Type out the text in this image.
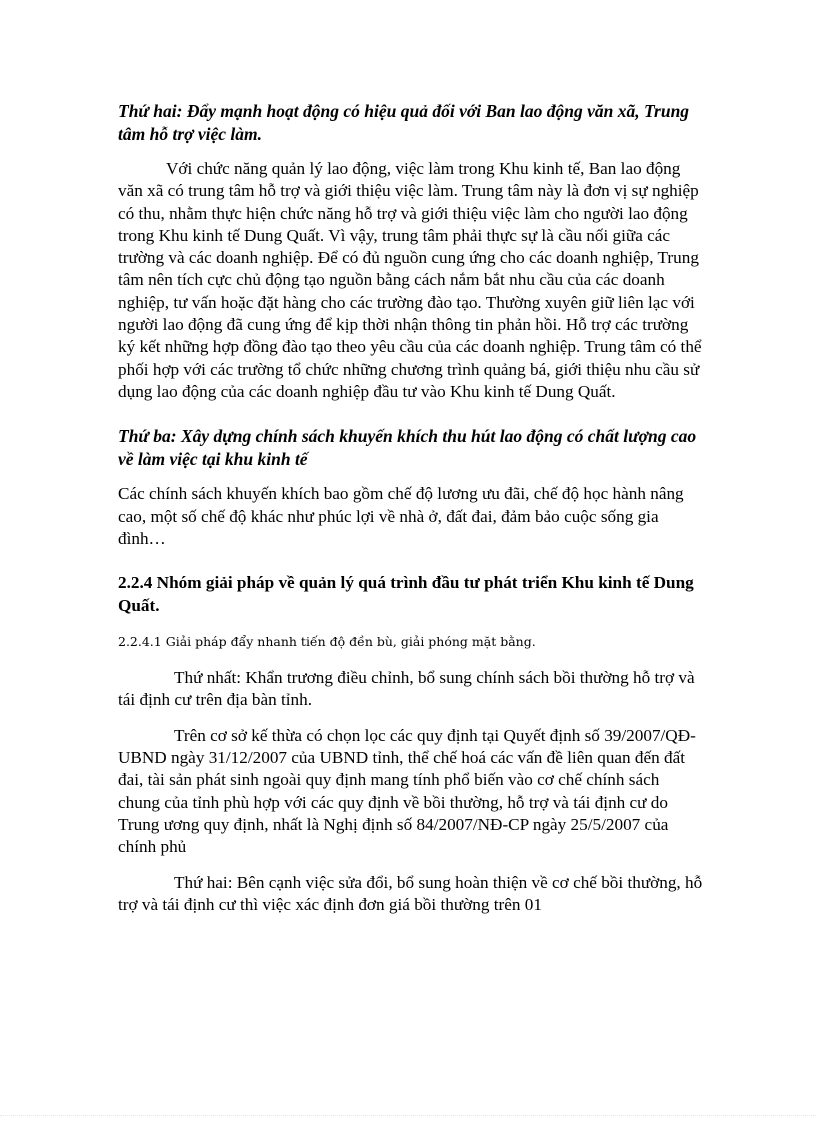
Thứ hai: Đẩy mạnh hoạt động có hiệu quả đối với Ban lao động văn xã, Trung tâm hỗ trợ việc làm.

Với chức năng quản lý lao động, việc làm trong Khu kinh tế, Ban lao động văn xã có trung tâm hỗ trợ và giới thiệu việc làm. Trung tâm này là đơn vị sự nghiệp có thu, nhằm thực hiện chức năng hỗ trợ và giới thiệu việc làm cho người lao động trong Khu kinh tế Dung Quất. Vì vậy, trung tâm phải thực sự là cầu nối giữa các trường và các doanh nghiệp. Để có đủ nguồn cung ứng cho các doanh nghiệp, Trung tâm nên tích cực chủ động tạo nguồn bằng cách nắm bắt nhu cầu của các doanh nghiệp, tư vấn hoặc đặt hàng cho các trường đào tạo. Thường xuyên giữ liên lạc với người lao động đã cung ứng để kịp thời nhận thông tin phản hồi. Hỗ trợ các trường ký kết những hợp đồng đào tạo theo yêu cầu của các doanh nghiệp. Trung tâm có thể phối hợp với các trường tổ chức những chương trình quảng bá, giới thiệu nhu cầu sử dụng lao động của các doanh nghiệp đầu tư vào Khu kinh tế Dung Quất.

Thứ ba: Xây dựng chính sách khuyến khích thu hút lao động có chất lượng cao về làm việc tại khu kinh tế

Các chính sách khuyến khích bao gồm chế độ lương ưu đãi, chế độ học hành nâng cao, một số chế độ khác như phúc lợi về nhà ở, đất đai, đảm bảo cuộc sống gia đình…

2.2.4 Nhóm giải pháp về quản lý quá trình đầu tư phát triển Khu kinh tế Dung Quất.

2.2.4.1 Giải pháp đẩy nhanh tiến độ đền bù, giải phóng mặt bằng.

Thứ nhất: Khẩn trương điều chỉnh, bổ sung chính sách bồi thường hỗ trợ và tái định cư trên địa bàn tỉnh.

Trên cơ sở kế thừa có chọn lọc các quy định tại Quyết định số 39/2007/QĐ-UBND ngày 31/12/2007 của UBND tỉnh, thể chế hoá các vấn đề liên quan đến đất đai, tài sản phát sinh ngoài quy định mang tính phổ biến vào cơ chế chính sách chung của tỉnh phù hợp với các quy định về bồi thường, hỗ trợ và tái định cư do Trung ương quy định, nhất là Nghị định số 84/2007/NĐ-CP ngày 25/5/2007 của chính phủ

Thứ hai: Bên cạnh việc sửa đổi, bổ sung hoàn thiện về cơ chế bồi thường, hỗ trợ và tái định cư thì việc xác định đơn giá bồi thường trên 01
